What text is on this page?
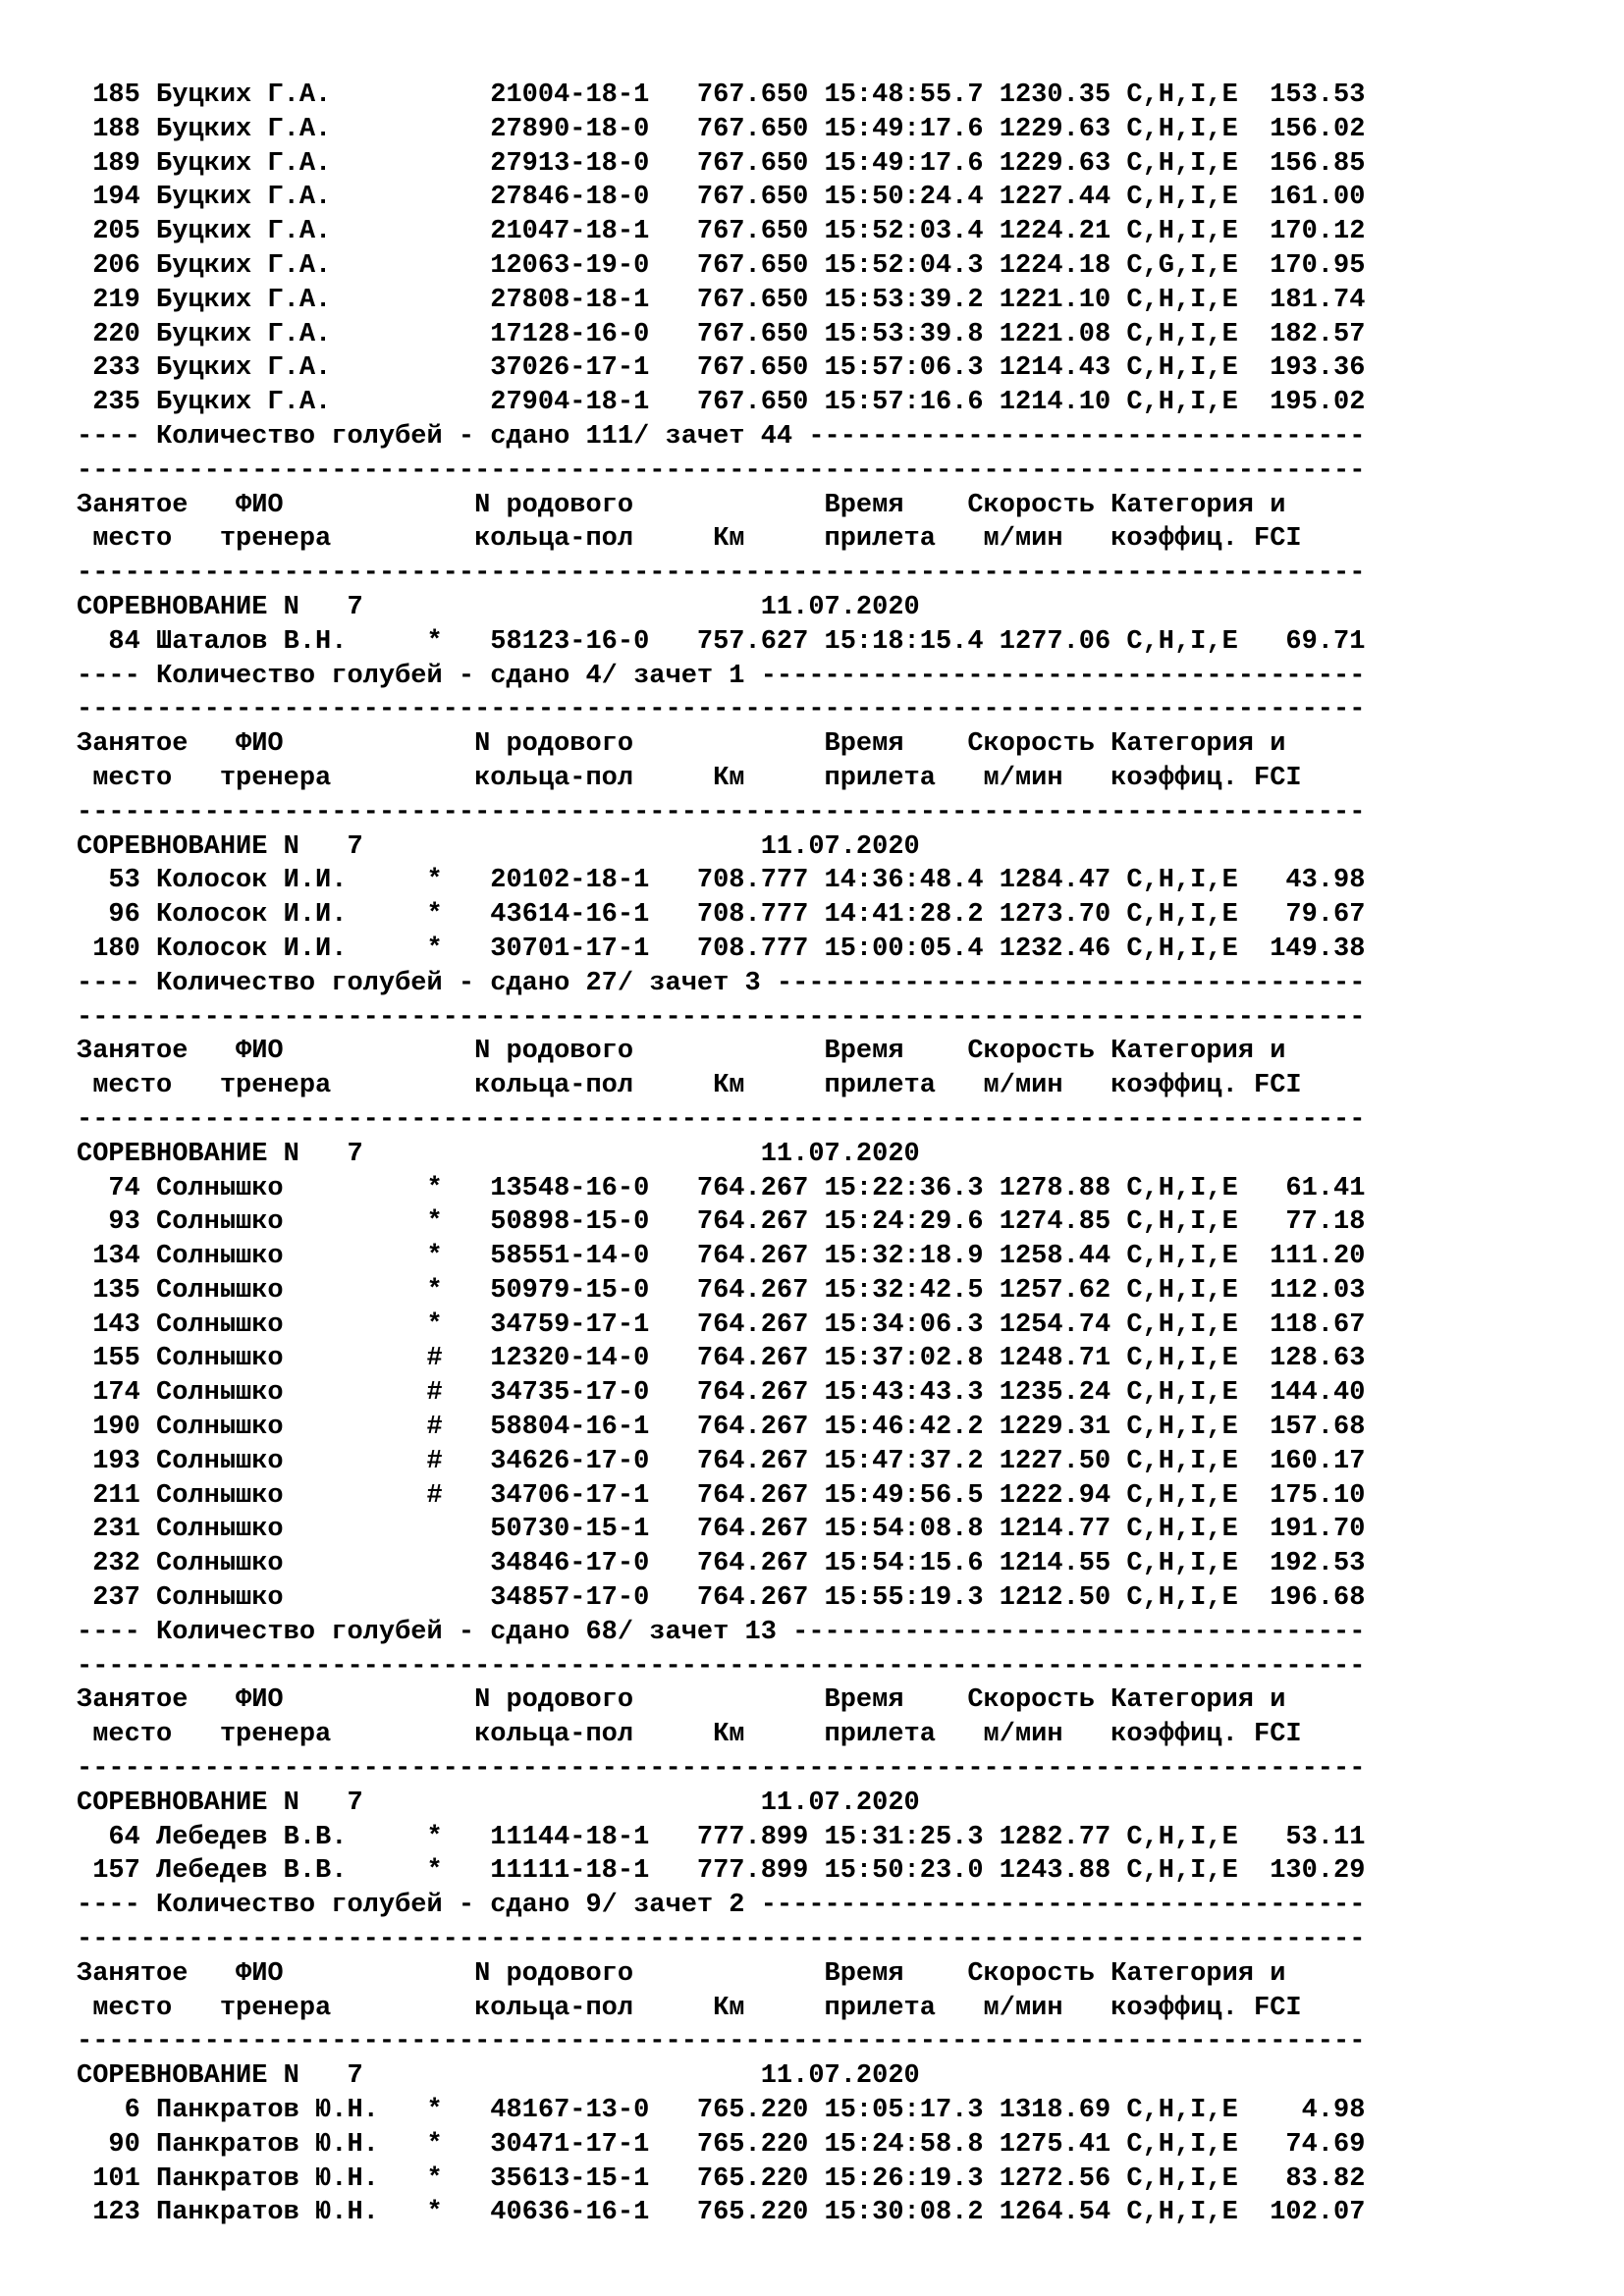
185 Буцких Г.А.          21004-18-1   767.650 15:48:55.7 1230.35 C,H,I,E  153.53
188 Буцких Г.А.          27890-18-0   767.650 15:49:17.6 1229.63 C,H,I,E  156.02
189 Буцких Г.А.          27913-18-0   767.650 15:49:17.6 1229.63 C,H,I,E  156.85
194 Буцких Г.А.          27846-18-0   767.650 15:50:24.4 1227.44 C,H,I,E  161.00
205 Буцких Г.А.          21047-18-1   767.650 15:52:03.4 1224.21 C,H,I,E  170.12
206 Буцких Г.А.          12063-19-0   767.650 15:52:04.3 1224.18 C,G,I,E  170.95
219 Буцких Г.А.          27808-18-1   767.650 15:53:39.2 1221.10 C,H,I,E  181.74
220 Буцких Г.А.          17128-16-0   767.650 15:53:39.8 1221.08 C,H,I,E  182.57
233 Буцких Г.А.          37026-17-1   767.650 15:57:06.3 1214.43 C,H,I,E  193.36
235 Буцких Г.А.          27904-18-1   767.650 15:57:16.6 1214.10 C,H,I,E  195.02
---- Количество голубей - сдано 111/ зачет 44 -----------------------------------
---------------------------------------------------------------------------------
Занятое   ФИО            N родового            Время    Скорость Категория и
место   тренера         кольца-пол     Км     прилета   м/мин   коэффиц. FCI
---------------------------------------------------------------------------------
СОРЕВНОВАНИЕ N   7                         11.07.2020
84 Шаталов В.Н.     *   58123-16-0   757.627 15:18:15.4 1277.06 C,H,I,E   69.71
---- Количество голубей - сдано 4/ зачет 1 --------------------------------------
---------------------------------------------------------------------------------
Занятое   ФИО            N родового            Время    Скорость Категория и
место   тренера         кольца-пол     Км     прилета   м/мин   коэффиц. FCI
---------------------------------------------------------------------------------
СОРЕВНОВАНИЕ N   7                         11.07.2020
53 Колосок И.И.     *   20102-18-1   708.777 14:36:48.4 1284.47 C,H,I,E   43.98
96 Колосок И.И.     *   43614-16-1   708.777 14:41:28.2 1273.70 C,H,I,E   79.67
180 Колосок И.И.     *   30701-17-1   708.777 15:00:05.4 1232.46 C,H,I,E  149.38
---- Количество голубей - сдано 27/ зачет 3 -------------------------------------
---------------------------------------------------------------------------------
Занятое   ФИО            N родового            Время    Скорость Категория и
место   тренера         кольца-пол     Км     прилета   м/мин   коэффиц. FCI
---------------------------------------------------------------------------------
СОРЕВНОВАНИЕ N   7                         11.07.2020
74 Солнышко         *   13548-16-0   764.267 15:22:36.3 1278.88 C,H,I,E   61.41
93 Солнышко         *   50898-15-0   764.267 15:24:29.6 1274.85 C,H,I,E   77.18
134 Солнышко         *   58551-14-0   764.267 15:32:18.9 1258.44 C,H,I,E  111.20
135 Солнышко         *   50979-15-0   764.267 15:32:42.5 1257.62 C,H,I,E  112.03
143 Солнышко         *   34759-17-1   764.267 15:34:06.3 1254.74 C,H,I,E  118.67
155 Солнышко         #   12320-14-0   764.267 15:37:02.8 1248.71 C,H,I,E  128.63
174 Солнышко         #   34735-17-0   764.267 15:43:43.3 1235.24 C,H,I,E  144.40
190 Солнышко         #   58804-16-1   764.267 15:46:42.2 1229.31 C,H,I,E  157.68
193 Солнышко         #   34626-17-0   764.267 15:47:37.2 1227.50 C,H,I,E  160.17
211 Солнышко         #   34706-17-1   764.267 15:49:56.5 1222.94 C,H,I,E  175.10
231 Солнышко             50730-15-1   764.267 15:54:08.8 1214.77 C,H,I,E  191.70
232 Солнышко             34846-17-0   764.267 15:54:15.6 1214.55 C,H,I,E  192.53
237 Солнышко             34857-17-0   764.267 15:55:19.3 1212.50 C,H,I,E  196.68
---- Количество голубей - сдано 68/ зачет 13 ------------------------------------
---------------------------------------------------------------------------------
Занятое   ФИО            N родового            Время    Скорость Категория и
место   тренера         кольца-пол     Км     прилета   м/мин   коэффиц. FCI
---------------------------------------------------------------------------------
СОРЕВНОВАНИЕ N   7                         11.07.2020
64 Лебедев В.В.     *   11144-18-1   777.899 15:31:25.3 1282.77 C,H,I,E   53.11
157 Лебедев В.В.     *   11111-18-1   777.899 15:50:23.0 1243.88 C,H,I,E  130.29
---- Количество голубей - сдано 9/ зачет 2 --------------------------------------
---------------------------------------------------------------------------------
Занятое   ФИО            N родового            Время    Скорость Категория и
место   тренера         кольца-пол     Км     прилета   м/мин   коэффиц. FCI
---------------------------------------------------------------------------------
СОРЕВНОВАНИЕ N   7                         11.07.2020
6 Панкратов Ю.Н.   *   48167-13-0   765.220 15:05:17.3 1318.69 C,H,I,E    4.98
90 Панкратов Ю.Н.   *   30471-17-1   765.220 15:24:58.8 1275.41 C,H,I,E   74.69
101 Панкратов Ю.Н.   *   35613-15-1   765.220 15:26:19.3 1272.56 C,H,I,E   83.82
123 Панкратов Ю.Н.   *   40636-16-1   765.220 15:30:08.2 1264.54 C,H,I,E  102.07
